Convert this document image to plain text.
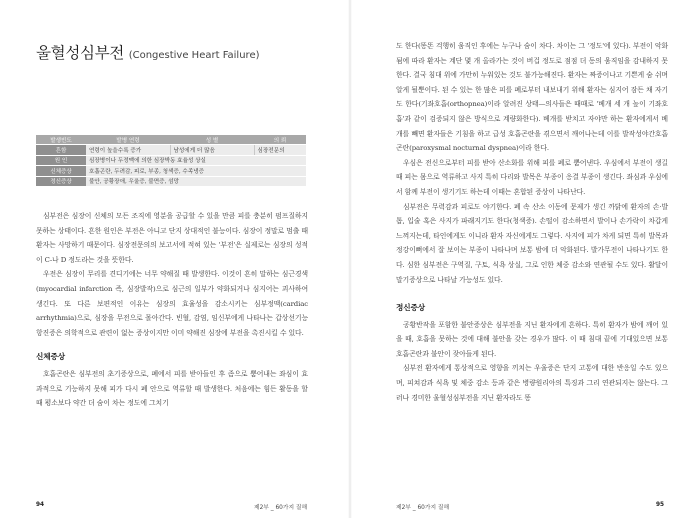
울혈성심부전 (Congestive Heart Failure)
발생빈도	발병 연령	성 별	의 뢰
흔함	연령이 높을수록 증가	남성에게 더 많음	심장전문의
원 인	심장병이나 두정맥에 의한 심장박동 효율성 상실		
신체증상	호흡곤란, 두려감, 피로, 부종, 청색증, 수족냉증		
정신증상	불안, 공황장애, 우울증, 불면증, 섬망		

심부전은 심장이 신체의 모든 조직에 영분을 공급할 수 있을 만큼 피를 충분히 펌프질하지 못하는 상태이다. 흔한 원인은 부전은 아니고 단지 상대적인 불능이다. 심장이 정말로 멈출 때 환자는 사망하기 때문이다. 심장전문의의 보고서에 적혀 있는 '부전'은 실제로는 심장의 성적이 C-나 D 정도라는 것을 뜻한다.

우전은 심장이 무리를 견디기에는 너무 약해질 때 발생한다. 이것이 흔히 말하는 심근경색(myocardial infarction 즉, 심장발작)으로 심근의 일부가 약화되거나 심지어는 괴사하여 생긴다. 또 다른 보편적인 이유는 심장의 효율성을 감소시키는 심부정맥(cardiac arrhythmia)으로, 심장을 무전으로 몰아간다. 빈혈, 감염, 임신부에게 나타나는 갑상선기능항진증은 의학적으로 관련이 없는 증상이지만 이미 약해진 심장에 부전을 촉진시킬 수 있다.

신체증상

호흡곤란은 심부전의 초기증상으로, 폐에서 피를 받아들인 후 좀으로 뿜어내는 좌심이 효과적으로 기능하지 못해 피가 다시 폐 안으로 역류할 때 발생한다. 처음에는 힘든 활동을 할 때 평소보다 약간 더 숨이 차는 정도에 그치기

94	제2부 _ 60가지 질해

도 한다(똥똔 걱행히 움직인 후에는 누구나 숨이 차다. 차이는 그 '정도'에 있다). 부전이 악화됨에 따라 환자는 계단 몇 개 올라가는 것이 버겁 정도로 점점 더 동의 움직임을 감내하지 못한다. 결국 침대 위에 가만히 누워있는 것도 불가능해진다. 환자는 짜증이나고 기쁜게 숨 쉬며 알게 될뿐이다. 된 수 있는 한 많은 피를 폐로부터 내보내기 위해 환자는 심지어 잠든 채 자기도 한다(기좌호흡(orthopnea)이라 알려진 상태—의사들은 때때로 '베개 세 개 높이 기좌호흡'과 같이 검증되지 않은 방식으로 계량화한다). 베개를 받치고 자야만 하는 환자에게서 베개를 빼면 환자들은 기침을 하고 급성 호흡곤란을 겪으면서 깨어나는데 이를 발작성야간호흡곤란(paroxysmal nocturnal dyspnea)이라 한다.

우심은 전신으로부터 피를 받아 산소화를 위해 피를 폐로 뿜어낸다. 우심에서 부전이 생길 때 피는 몸으로 역류하고 사지 특히 다리와 발목은 부종이 응결 부종이 생긴다. 좌심과 우심에서 함께 부전이 생기기도 하는데 이때는 혼합된 증상이 나타난다.

심부전은 무력감과 피로도 야기한다. 폐 속 산소 이동에 문제가 생긴 까닭에 환자의 손·발톱, 입술 혹은 사지가 파래지기도 한다(청색증). 손떨이 감소하면서 발이나 손가락이 차갑게 느껴지는데, 타인에게도 이니라 환자 자신에게도 그렇다. 사지에 피가 차게 되면 특히 발목과 정강이뼈에서 잘 보이는 부종이 나타나며 보통 밤에 더 악화된다. 발가무전이 나타나기도 한다. 심한 심부전은 구역질, 구토, 식욕 상실, 그로 인한 체중 감소와 연관될 수도 있다. 활달이 말기증상으로 나타날 가능성도 있다.

정신증상

공황반작을 포함한 불안증상은 심부전을 지닌 환자에게 흔하다. 특히 환자가 밤에 깨어 있을 때, 호흡을 못하는 것에 대해 불안을 갖는 경우가 많다. 이 때 침대 끝에 기대있으면 보통 호흡곤란과 불안이 잦아들게 된다.

심부전 환자에게 통상적으로 영향을 끼치는 우울증은 단지 고통에 대한 반응일 수도 있으며, 피쳐감과 식욕 및 체중 감소 등과 같은 병량원리아의 특징과 그리 연관되지는 않는다. 그러나 경미한 울혈성심부전을 지닌 환자라도 똥

제2부 _ 60가지 질해	95
